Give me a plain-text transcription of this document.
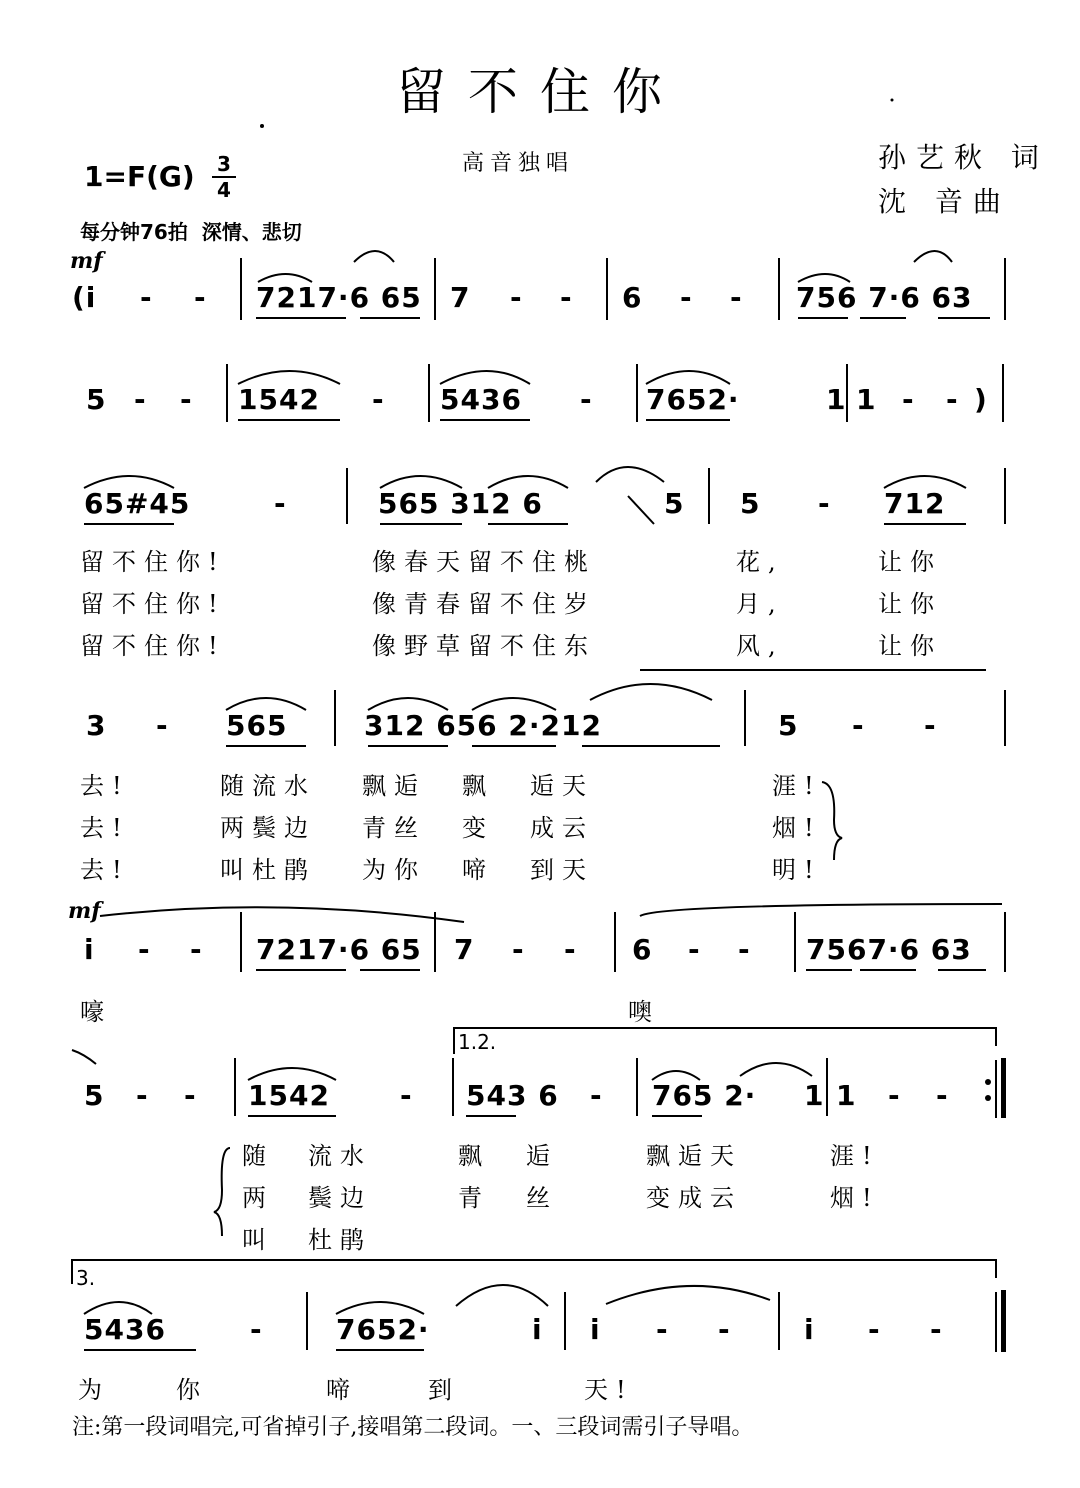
留不住你
高音独唱	孙艺秋 词
沈 音曲
1=F(G) 3
4
每分钟76拍 深情、悲切
mf
(i - - 7217·6 65 7 - - 6 - - 756 7·6 63
5 - - 1542 - 5436 - 7652·	1 1 - - )
65#45	-	565 312 6	5 5 - 712
留不住你!	像春天留不住桃	花,	让你
留不住你!	像青春留不住岁	月,	让你
留不住你!	像野草留不住东	风,	让你
3 - 565	312 656 2·212	5 - -
去!	随流水 飘逅 飘 逅天	涯!
去!	两鬓边 青丝 变 成云	烟!
去!	叫杜鹃 为你 啼 到天	明!
mf
i - - 7217·6 65 7 - - 6 - - 7567·6 63
嚎	噢
1.2.
5 - - 1542	- 543 6 - 765 2· 1 1 - -
随 流水	飘 逅	飘逅天	涯!
两 鬓边	青 丝	变成云	烟!
叫 杜鹃
3.
5436	-	7652·	i i - -	i - -
为	你	啼	到	天!
注:第一段词唱完,可省掉引子,接唱第二段词。一、三段词需引子导唱。
